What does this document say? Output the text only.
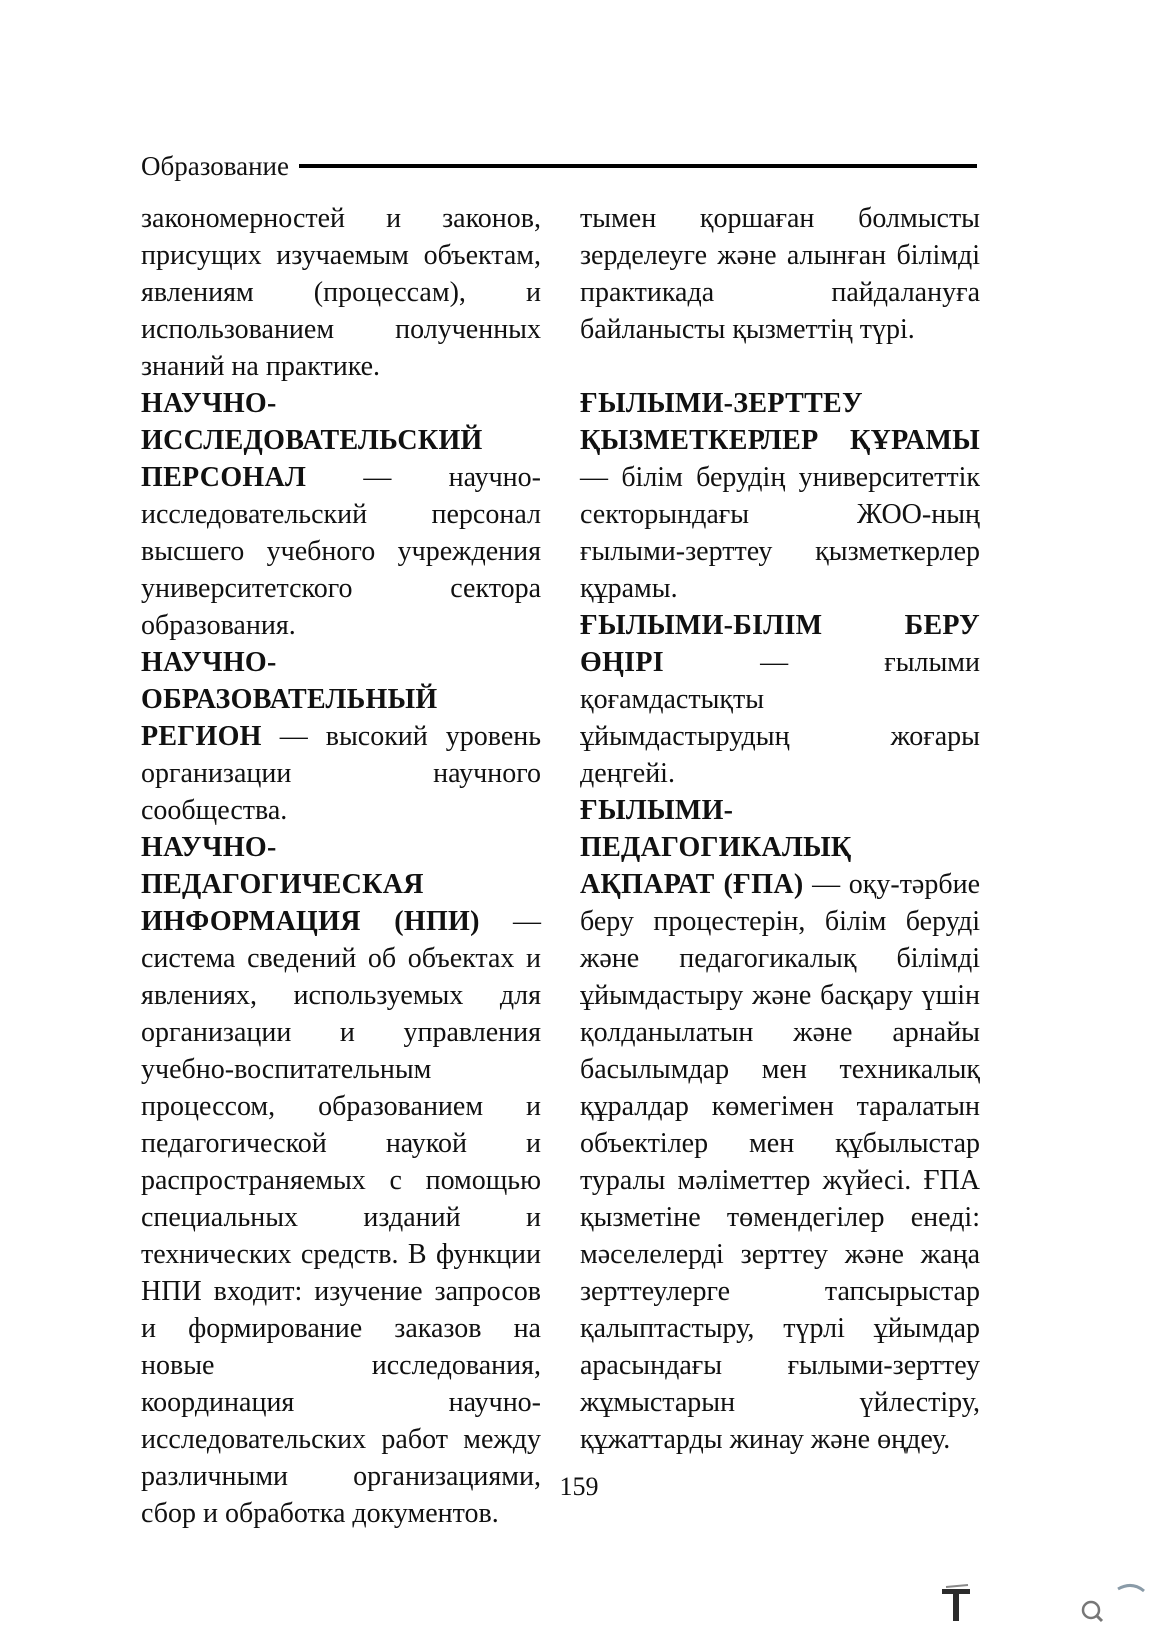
Образование

закономерностей и законов, присущих изучаемым объектам, явлениям (процессам), и использованием полученных знаний на практике.

НАУЧНО-ИССЛЕДОВАТЕЛЬСКИЙ ПЕРСОНАЛ — научно-исследовательский персонал высшего учебного учреждения университетского сектора образования.

НАУЧНО-ОБРАЗОВАТЕЛЬНЫЙ РЕГИОН — высокий уровень организации научного сообщества.

НАУЧНО-ПЕДАГОГИЧЕСКАЯ ИНФОРМАЦИЯ (НПИ) — система сведений об объектах и явлениях, используемых для организации и управления учебно-воспитательным процессом, образованием и педагогической наукой и распространяемых с помощью специальных изданий и технических средств. В функции НПИ входит: изучение запросов и формирование заказов на новые исследования, координация научно-исследовательских работ между различными организациями, сбор и обработка документов.

тымен қоршаған болмысты зерделеуге және алынған білімді практикада пайдалануға байланысты қызметтің түрі.

ҒЫЛЫМИ-ЗЕРТТЕУ ҚЫЗМЕТКЕРЛЕР ҚҰРАМЫ — білім берудің университеттік секторындағы ЖОО-ның ғылыми-зерттеу қызметкерлер құрамы.

ҒЫЛЫМИ-БІЛІМ БЕРУ ӨҢІРІ	— ғылыми қоғамдастықты ұйымдастырудың жоғары деңгейі.

ҒЫЛЫМИ-ПЕДАГОГИКАЛЫҚ АҚПАРАТ (ҒПА) — оқу-тәрбие беру процестерін, білім беруді және педагогикалық білімді ұйымдастыру және басқару үшін қолданылатын және арнайы басылымдар мен техникалық құралдар көмегімен таралатын объектілер мен құбылыстар туралы мәліметтер жүйесі. ҒПА қызметіне төмендегілер енеді: мәселелерді зерттеу және жаңа зерттеулерге тапсырыстар қалыптастыру, түрлі ұйымдар арасындағы ғылыми-зерттеу жұмыстарын үйлестіру, құжаттарды жинау және өңдеу.

159
